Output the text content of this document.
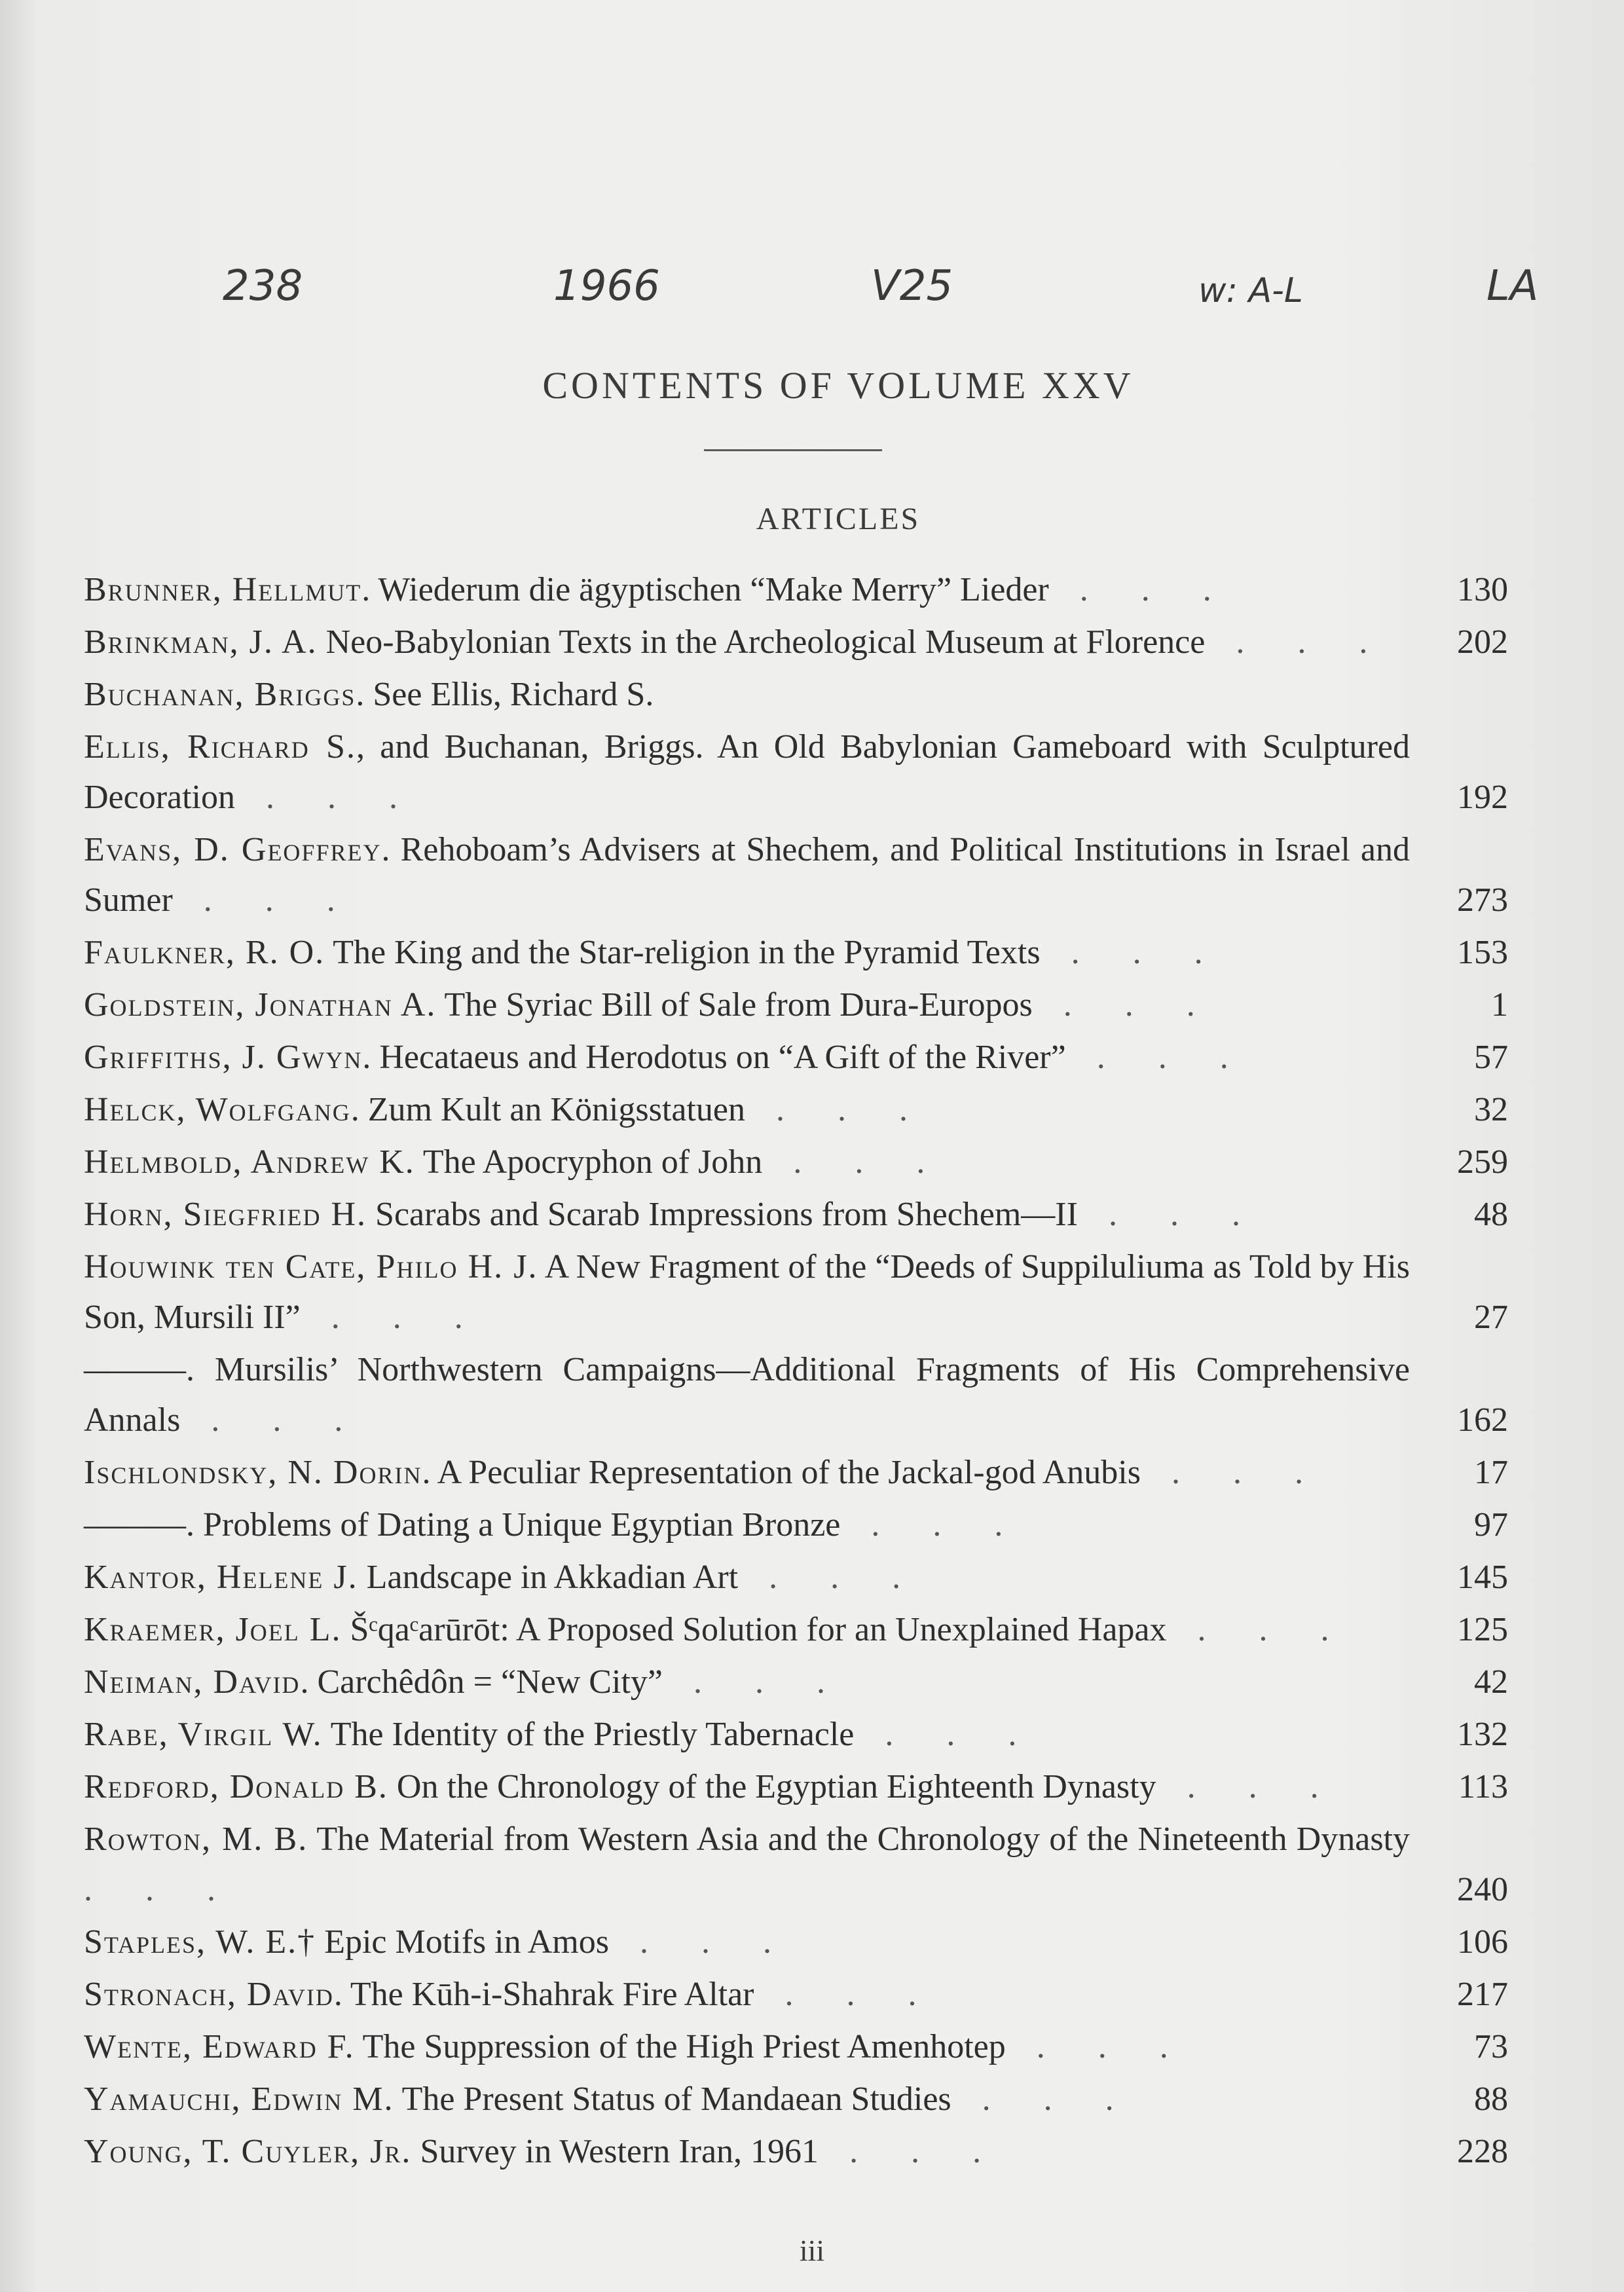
238	1966	V25	w: A-L	LA
CONTENTS OF VOLUME XXV
ARTICLES
Brunner, Hellmut. Wiederum die ägyptischen “Make Merry” Lieder . . .	130
Brinkman, J. A. Neo-Babylonian Texts in the Archeological Museum at Florence . . .	202
Buchanan, Briggs. See Ellis, Richard S.
Ellis, Richard S., and Buchanan, Briggs. An Old Babylonian Gameboard with Sculptured Decoration . . .	192
Evans, D. Geoffrey. Rehoboam’s Advisers at Shechem, and Political Institutions in Israel and Sumer . . .	273
Faulkner, R. O. The King and the Star-religion in the Pyramid Texts . . .	153
Goldstein, Jonathan A. The Syriac Bill of Sale from Dura-Europos . . .	1
Griffiths, J. Gwyn. Hecataeus and Herodotus on “A Gift of the River” . . .	57
Helck, Wolfgang. Zum Kult an Königsstatuen . . .	32
Helmbold, Andrew K. The Apocryphon of John . . .	259
Horn, Siegfried H. Scarabs and Scarab Impressions from Shechem—II . . .	48
Houwink ten Cate, Philo H. J. A New Fragment of the “Deeds of Suppiluliuma as Told by His Son, Mursili II” . . .	27
———. Mursilis’ Northwestern Campaigns—Additional Fragments of His Comprehensive Annals . . .	162
Ischlondsky, N. Dorin. A Peculiar Representation of the Jackal-god Anubis . . .	17
———. Problems of Dating a Unique Egyptian Bronze . . .	97
Kantor, Helene J. Landscape in Akkadian Art . . .	145
Kraemer, Joel L. Šᶜqaᶜarūrōt: A Proposed Solution for an Unexplained Hapax . . .	125
Neiman, David. Carchêdôn = “New City” . . .	42
Rabe, Virgil W. The Identity of the Priestly Tabernacle . . .	132
Redford, Donald B. On the Chronology of the Egyptian Eighteenth Dynasty . . .	113
Rowton, M. B. The Material from Western Asia and the Chronology of the Nineteenth Dynasty . . .	240
Staples, W. E.† Epic Motifs in Amos . . .	106
Stronach, David. The Kūh-i-Shahrak Fire Altar . . .	217
Wente, Edward F. The Suppression of the High Priest Amenhotep . . .	73
Yamauchi, Edwin M. The Present Status of Mandaean Studies . . .	88
Young, T. Cuyler, Jr. Survey in Western Iran, 1961 . . .	228
iii
